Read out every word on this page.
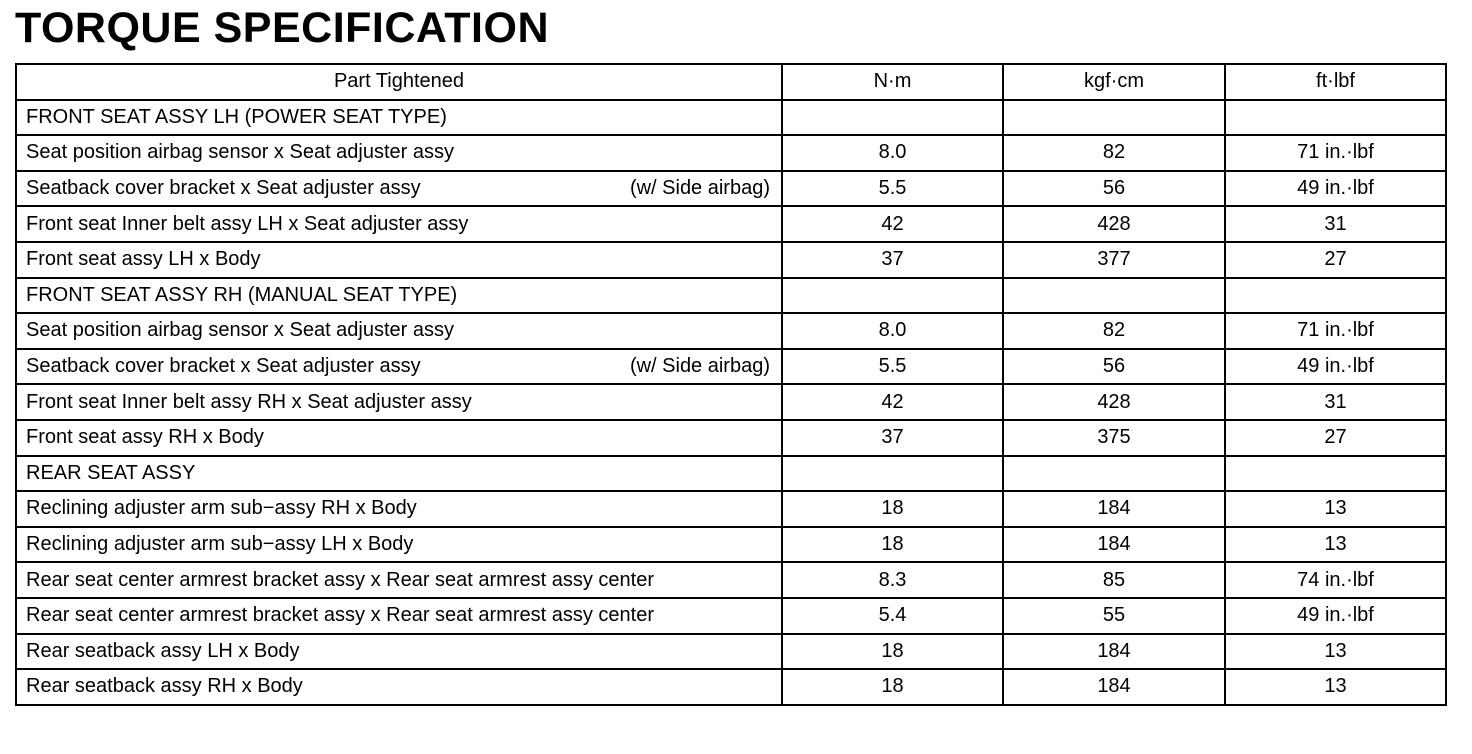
TORQUE SPECIFICATION
Part Tightened	N·m	kgf·cm	ft·lbf

FRONT SEAT ASSY LH (POWER SEAT TYPE)			

Seat position airbag sensor x Seat adjuster assy	8.0	82	71 in.·lbf

Seatback cover bracket x Seat adjuster assy (w/ Side airbag)	5.5	56	49 in.·lbf

Front seat Inner belt assy LH x Seat adjuster assy	42	428	31

Front seat assy LH x Body	37	377	27

FRONT SEAT ASSY RH (MANUAL SEAT TYPE)			

Seat position airbag sensor x Seat adjuster assy	8.0	82	71 in.·lbf

Seatback cover bracket x Seat adjuster assy (w/ Side airbag)	5.5	56	49 in.·lbf

Front seat Inner belt assy RH x Seat adjuster assy	42	428	31

Front seat assy RH x Body	37	375	27

REAR SEAT ASSY			

Reclining adjuster arm sub−assy RH x Body	18	184	13

Reclining adjuster arm sub−assy LH x Body	18	184	13

Rear seat center armrest bracket assy x Rear seat armrest assy center	8.3	85	74 in.·lbf

Rear seat center armrest bracket assy x Rear seat armrest assy center	5.4	55	49 in.·lbf

Rear seatback assy LH x Body	18	184	13

Rear seatback assy RH x Body	18	184	13
